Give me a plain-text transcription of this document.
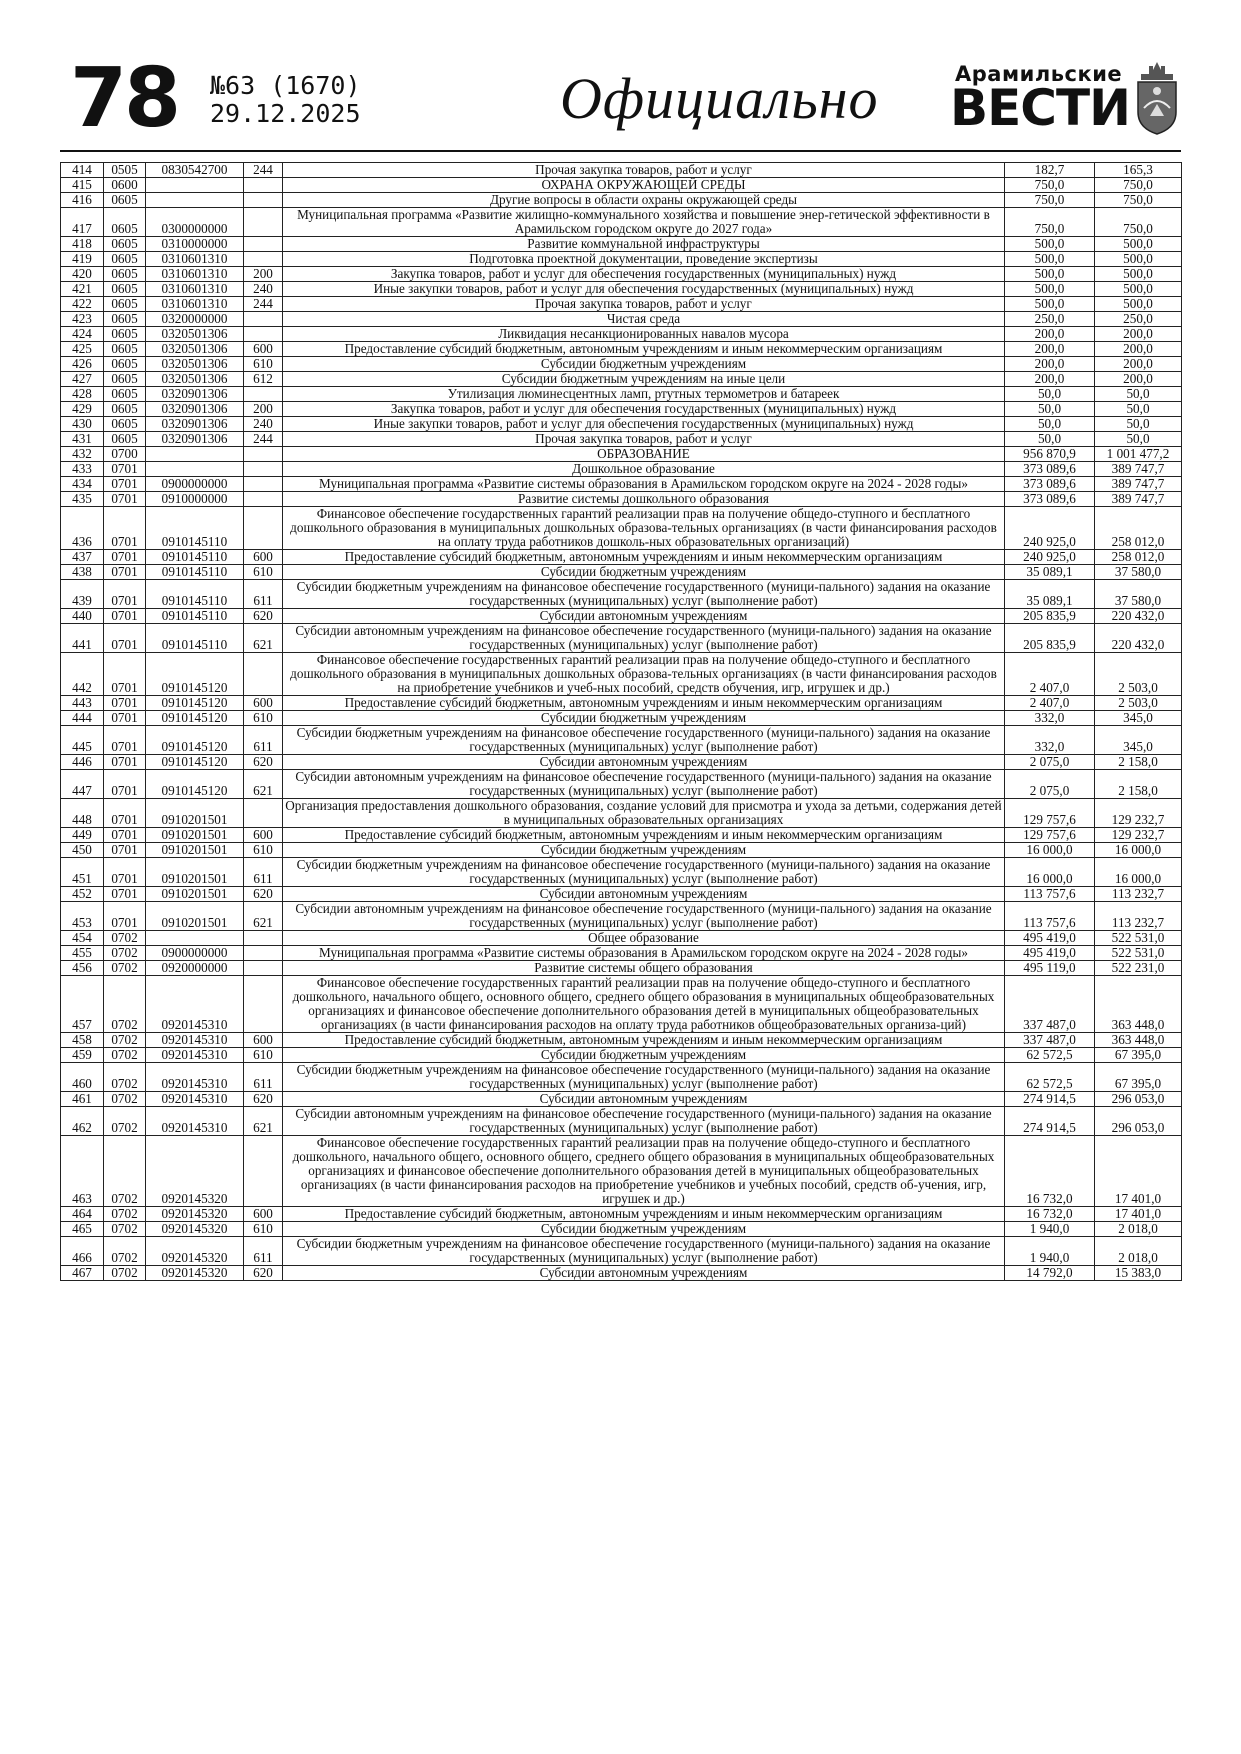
78 №63 (1670)
29.12.2025	Официально	Арамильские
ВЕСТИ
414	0505	0830542700	244	Прочая закупка товаров, работ и услуг	182,7	165,3
415	0600			ОХРАНА ОКРУЖАЮЩЕЙ СРЕДЫ	750,0	750,0
416	0605			Другие вопросы в области охраны окружающей среды	750,0	750,0
417	0605	0300000000		Муниципальная программа «Развитие жилищно-коммунального хозяйства и повышение энер-гетической эффективности в Арамильском городском округе до 2027 года»	750,0	750,0
418	0605	0310000000		Развитие коммунальной инфраструктуры	500,0	500,0
419	0605	0310601310		Подготовка проектной документации, проведение экспертизы	500,0	500,0
420	0605	0310601310	200	Закупка товаров, работ и услуг для обеспечения государственных (муниципальных) нужд	500,0	500,0
421	0605	0310601310	240	Иные закупки товаров, работ и услуг для обеспечения государственных (муниципальных) нужд	500,0	500,0
422	0605	0310601310	244	Прочая закупка товаров, работ и услуг	500,0	500,0
423	0605	0320000000		Чистая среда	250,0	250,0
424	0605	0320501306		Ликвидация несанкционированных навалов мусора	200,0	200,0
425	0605	0320501306	600	Предоставление субсидий бюджетным, автономным учреждениям и иным некоммерческим организациям	200,0	200,0
426	0605	0320501306	610	Субсидии бюджетным учреждениям	200,0	200,0
427	0605	0320501306	612	Субсидии бюджетным учреждениям на иные цели	200,0	200,0
428	0605	0320901306		Утилизация люминесцентных ламп, ртутных термометров и батареек	50,0	50,0
429	0605	0320901306	200	Закупка товаров, работ и услуг для обеспечения государственных (муниципальных) нужд	50,0	50,0
430	0605	0320901306	240	Иные закупки товаров, работ и услуг для обеспечения государственных (муниципальных) нужд	50,0	50,0
431	0605	0320901306	244	Прочая закупка товаров, работ и услуг	50,0	50,0
432	0700			ОБРАЗОВАНИЕ	956 870,9	1 001 477,2
433	0701			Дошкольное образование	373 089,6	389 747,7
434	0701	0900000000		Муниципальная программа «Развитие системы образования в Арамильском городском округе на 2024 - 2028 годы»	373 089,6	389 747,7
435	0701	0910000000		Развитие системы дошкольного образования	373 089,6	389 747,7
436	0701	0910145110		Финансовое обеспечение государственных гарантий реализации прав на получение общедо-ступного и бесплатного дошкольного образования в муниципальных дошкольных образова-тельных организациях (в части финансирования расходов на оплату труда работников дошколь-ных образовательных организаций)	240 925,0	258 012,0
437	0701	0910145110	600	Предоставление субсидий бюджетным, автономным учреждениям и иным некоммерческим организациям	240 925,0	258 012,0
438	0701	0910145110	610	Субсидии бюджетным учреждениям	35 089,1	37 580,0
439	0701	0910145110	611	Субсидии бюджетным учреждениям на финансовое обеспечение государственного (муници-пального) задания на оказание государственных (муниципальных) услуг (выполнение работ)	35 089,1	37 580,0
440	0701	0910145110	620	Субсидии автономным учреждениям	205 835,9	220 432,0
441	0701	0910145110	621	Субсидии автономным учреждениям на финансовое обеспечение государственного (муници-пального) задания на оказание государственных (муниципальных) услуг (выполнение работ)	205 835,9	220 432,0
442	0701	0910145120		Финансовое обеспечение государственных гарантий реализации прав на получение общедо-ступного и бесплатного дошкольного образования в муниципальных дошкольных образова-тельных организациях (в части финансирования расходов на приобретение учебников и учеб-ных пособий, средств обучения, игр, игрушек и др.)	2 407,0	2 503,0
443	0701	0910145120	600	Предоставление субсидий бюджетным, автономным учреждениям и иным некоммерческим организациям	2 407,0	2 503,0
444	0701	0910145120	610	Субсидии бюджетным учреждениям	332,0	345,0
445	0701	0910145120	611	Субсидии бюджетным учреждениям на финансовое обеспечение государственного (муници-пального) задания на оказание государственных (муниципальных) услуг (выполнение работ)	332,0	345,0
446	0701	0910145120	620	Субсидии автономным учреждениям	2 075,0	2 158,0
447	0701	0910145120	621	Субсидии автономным учреждениям на финансовое обеспечение государственного (муници-пального) задания на оказание государственных (муниципальных) услуг (выполнение работ)	2 075,0	2 158,0
448	0701	0910201501		Организация предоставления дошкольного образования, создание условий для присмотра и ухода за детьми, содержания детей в муниципальных образовательных организациях	129 757,6	129 232,7
449	0701	0910201501	600	Предоставление субсидий бюджетным, автономным учреждениям и иным некоммерческим организациям	129 757,6	129 232,7
450	0701	0910201501	610	Субсидии бюджетным учреждениям	16 000,0	16 000,0
451	0701	0910201501	611	Субсидии бюджетным учреждениям на финансовое обеспечение государственного (муници-пального) задания на оказание государственных (муниципальных) услуг (выполнение работ)	16 000,0	16 000,0
452	0701	0910201501	620	Субсидии автономным учреждениям	113 757,6	113 232,7
453	0701	0910201501	621	Субсидии автономным учреждениям на финансовое обеспечение государственного (муници-пального) задания на оказание государственных (муниципальных) услуг (выполнение работ)	113 757,6	113 232,7
454	0702			Общее образование	495 419,0	522 531,0
455	0702	0900000000		Муниципальная программа «Развитие системы образования в Арамильском городском округе на 2024 - 2028 годы»	495 419,0	522 531,0
456	0702	0920000000		Развитие системы общего образования	495 119,0	522 231,0
457	0702	0920145310		Финансовое обеспечение государственных гарантий реализации прав на получение общедо-ступного и бесплатного дошкольного, начального общего, основного общего, среднего общего образования в муниципальных общеобразовательных организациях и финансовое обеспечение дополнительного образования детей в муниципальных общеобразовательных организациях (в части финансирования расходов на оплату труда работников общеобразовательных организа-ций)	337 487,0	363 448,0
458	0702	0920145310	600	Предоставление субсидий бюджетным, автономным учреждениям и иным некоммерческим организациям	337 487,0	363 448,0
459	0702	0920145310	610	Субсидии бюджетным учреждениям	62 572,5	67 395,0
460	0702	0920145310	611	Субсидии бюджетным учреждениям на финансовое обеспечение государственного (муници-пального) задания на оказание государственных (муниципальных) услуг (выполнение работ)	62 572,5	67 395,0
461	0702	0920145310	620	Субсидии автономным учреждениям	274 914,5	296 053,0
462	0702	0920145310	621	Субсидии автономным учреждениям на финансовое обеспечение государственного (муници-пального) задания на оказание государственных (муниципальных) услуг (выполнение работ)	274 914,5	296 053,0
463	0702	0920145320		Финансовое обеспечение государственных гарантий реализации прав на получение общедо-ступного и бесплатного дошкольного, начального общего, основного общего, среднего общего образования в муниципальных общеобразовательных организациях и финансовое обеспечение дополнительного образования детей в муниципальных общеобразовательных организациях (в части финансирования расходов на приобретение учебников и учебных пособий, средств об-учения, игр, игрушек и др.)	16 732,0	17 401,0
464	0702	0920145320	600	Предоставление субсидий бюджетным, автономным учреждениям и иным некоммерческим организациям	16 732,0	17 401,0
465	0702	0920145320	610	Субсидии бюджетным учреждениям	1 940,0	2 018,0
466	0702	0920145320	611	Субсидии бюджетным учреждениям на финансовое обеспечение государственного (муници-пального) задания на оказание государственных (муниципальных) услуг (выполнение работ)	1 940,0	2 018,0
467	0702	0920145320	620	Субсидии автономным учреждениям	14 792,0	15 383,0
